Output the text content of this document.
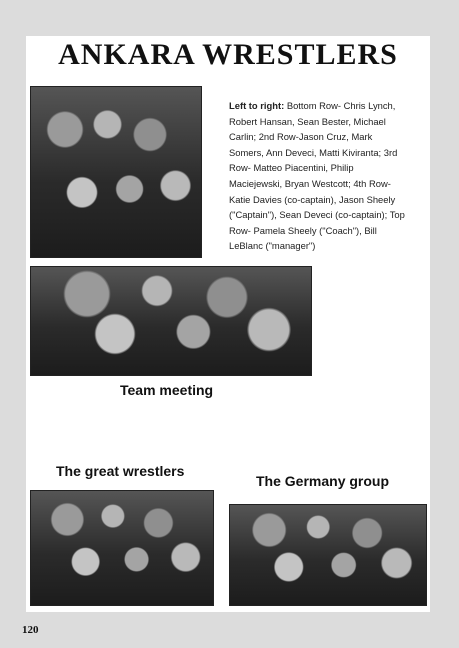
ANKARA WRESTLERS
Left to right: Bottom Row- Chris Lynch, Robert Hansan, Sean Bester, Michael Carlin; 2nd Row-Jason Cruz, Mark Somers, Ann Deveci, Matti Kiviranta; 3rd Row- Matteo Piacentini, Philip Maciejewski, Bryan Westcott; 4th Row- Katie Davies (co-captain), Jason Sheely ("Captain"), Sean Deveci (co-captain); Top Row- Pamela Sheely ("Coach"), Bill LeBlanc ("manager")
Team meeting
The great wrestlers
The Germany group
120
